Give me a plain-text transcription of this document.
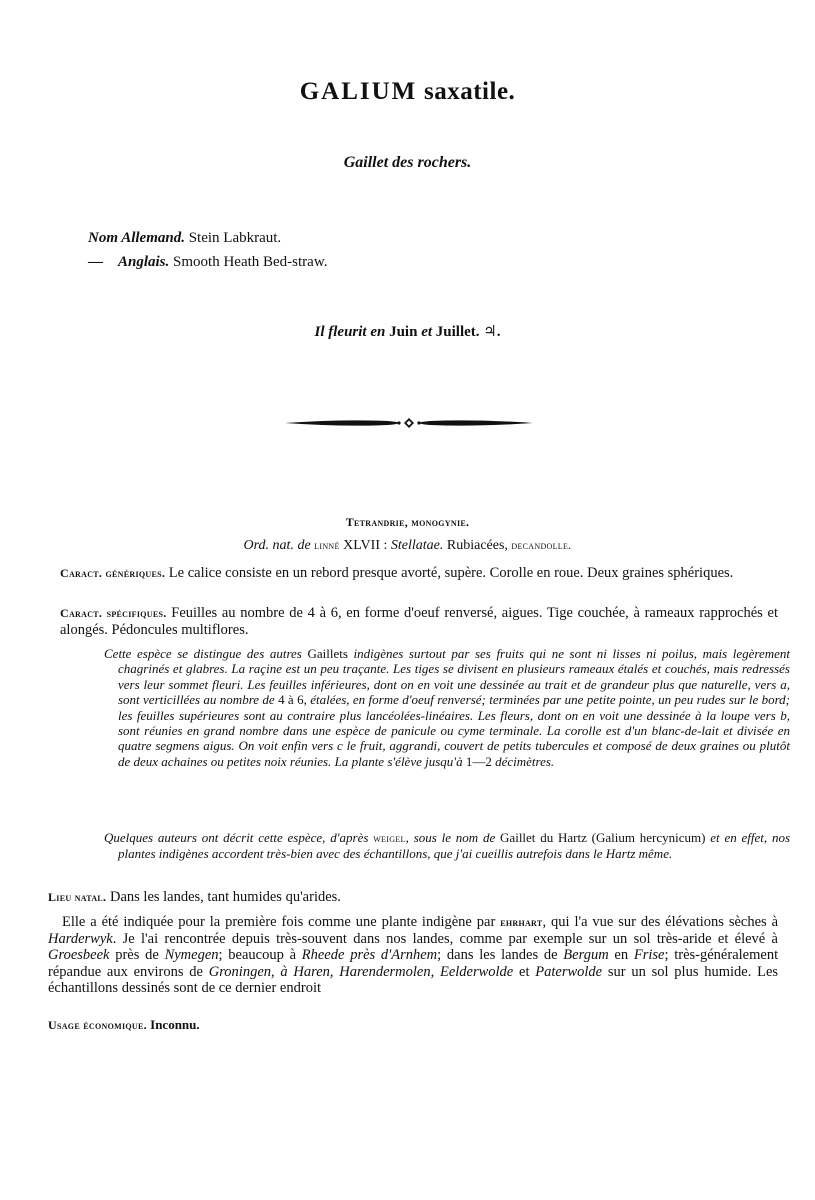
GALIUM saxatile.
Gaillet des rochers.
Nom Allemand. Stein Labkraut.
— Anglais. Smooth Heath Bed-straw.
Il fleurit en Juin et Juillet. ♃.
Tetrandrie, monogynie.
Ord. nat. de linné XLVII : Stellatae. Rubiacées, decandolle.
Caract. génériques. Le calice consiste en un rebord presque avorté, supère. Corolle en roue. Deux graines sphériques.
Caract. spécifiques. Feuilles au nombre de 4 à 6, en forme d'oeuf renversé, aigues. Tige couchée, à rameaux rapprochés et alongés. Pédoncules multiflores.
Cette espèce se distingue des autres Gaillets indigènes surtout par ses fruits qui ne sont ni lisses ni poilus, mais legèrement chagrinés et glabres. La raçine est un peu traçante. Les tiges se divisent en plusieurs rameaux étalés et couchés, mais redressés vers leur sommet fleuri. Les feuilles inférieures, dont on en voit une dessinée au trait et de grandeur plus que naturelle, vers a, sont verticillées au nombre de 4 à 6, étalées, en forme d'oeuf renversé; terminées par une petite pointe, un peu rudes sur le bord; les feuilles supérieures sont au contraire plus lancéolées-linéaires. Les fleurs, dont on en voit une dessinée à la loupe vers b, sont réunies en grand nombre dans une espèce de panicule ou cyme terminale. La corolle est d'un blanc-de-lait et divisée en quatre segmens aigus. On voit enfin vers c le fruit, aggrandi, couvert de petits tubercules et composé de deux graines ou plutôt de deux achaines ou petites noix réunies. La plante s'élève jusqu'à 1—2 décimètres.
Quelques auteurs ont décrit cette espèce, d'après weigel, sous le nom de Gaillet du Hartz (Galium hercynicum) et en effet, nos plantes indigènes accordent très-bien avec des échantillons, que j'ai cueillis autrefois dans le Hartz même.
Lieu natal. Dans les landes, tant humides qu'arides.
Elle a été indiquée pour la première fois comme une plante indigène par ehrhart, qui l'a vue sur des élévations sèches à Harderwyk. Je l'ai rencontrée depuis très-souvent dans nos landes, comme par exemple sur un sol très-aride et élevé à Groesbeek près de Nymegen; beaucoup à Rheede près d'Arnhem; dans les landes de Bergum en Frise; très-généralement répandue aux environs de Groningen, à Haren, Harendermolen, Eelderwolde et Paterwolde sur un sol plus humide. Les échantillons dessinés sont de ce dernier endroit
Usage économique. Inconnu.
